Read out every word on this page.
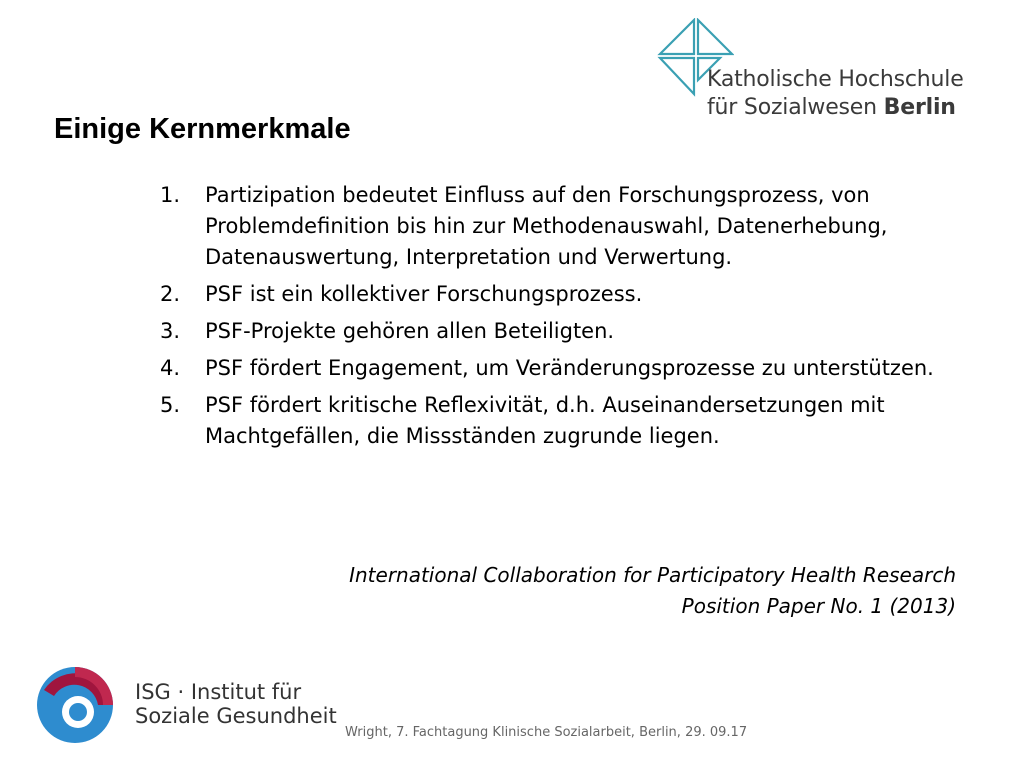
Katholische Hochschule
für Sozialwesen Berlin
Einige Kernmerkmale
1.	Partizipation bedeutet Einfluss auf den Forschungsprozess, von Problemdefinition bis hin zur Methodenauswahl, Datenerhebung, Datenauswertung, Interpretation und Verwertung.
2.	PSF ist ein kollektiver Forschungsprozess.
3.	PSF-Projekte gehören allen Beteiligten.
4.	PSF fördert Engagement, um Veränderungsprozesse zu unterstützen.
5.	PSF fördert kritische Reflexivität, d.h. Auseinandersetzungen mit Machtgefällen, die Missständen zugrunde liegen.
International Collaboration for Participatory Health Research
Position Paper No. 1 (2013)
ISG · Institut für
Soziale Gesundheit
Wright, 7. Fachtagung Klinische Sozialarbeit, Berlin, 29. 09.17
